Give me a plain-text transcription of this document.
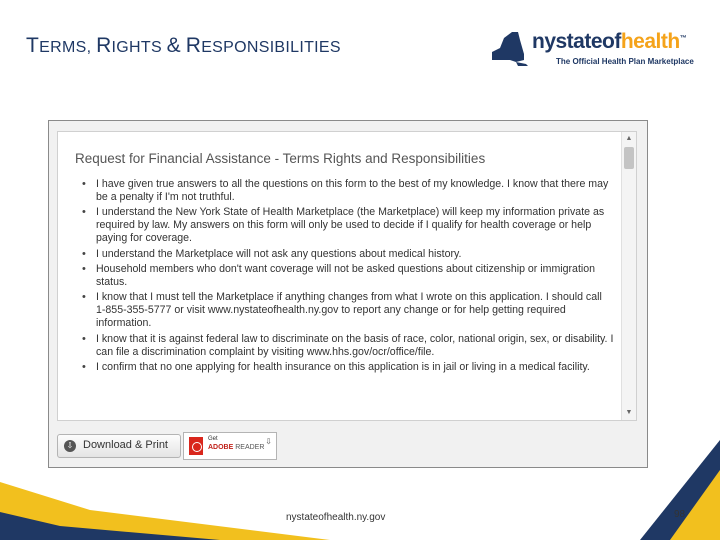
TERMS, RIGHTS & RESPONSIBILITIES	nystateofhealth™
The Official Health Plan Marketplace
Request for Financial Assistance - Terms Rights and Responsibilities
• I have given true answers to all the questions on this form to the best of my knowledge. I know that there may be a penalty if I'm not truthful.
• I understand the New York State of Health Marketplace (the Marketplace) will keep my information private as required by law. My answers on this form will only be used to decide if I qualify for health coverage or help paying for coverage.
• I understand the Marketplace will not ask any questions about medical history.
• Household members who don't want coverage will not be asked questions about citizenship or immigration status.
• I know that I must tell the Marketplace if anything changes from what I wrote on this application. I should call 1-855-355-5777 or visit www.nystateofhealth.ny.gov to report any change or for help getting required information.
• I know that it is against federal law to discriminate on the basis of race, color, national origin, sex, or disability. I can file a discrimination complaint by visiting www.hhs.gov/ocr/office/file.
• I confirm that no one applying for health insurance on this application is in jail or living in a medical facility.
▲
▼
⇩ Download & Print	Get
ADOBE READER
⇩
nystateofhealth.ny.gov	98
